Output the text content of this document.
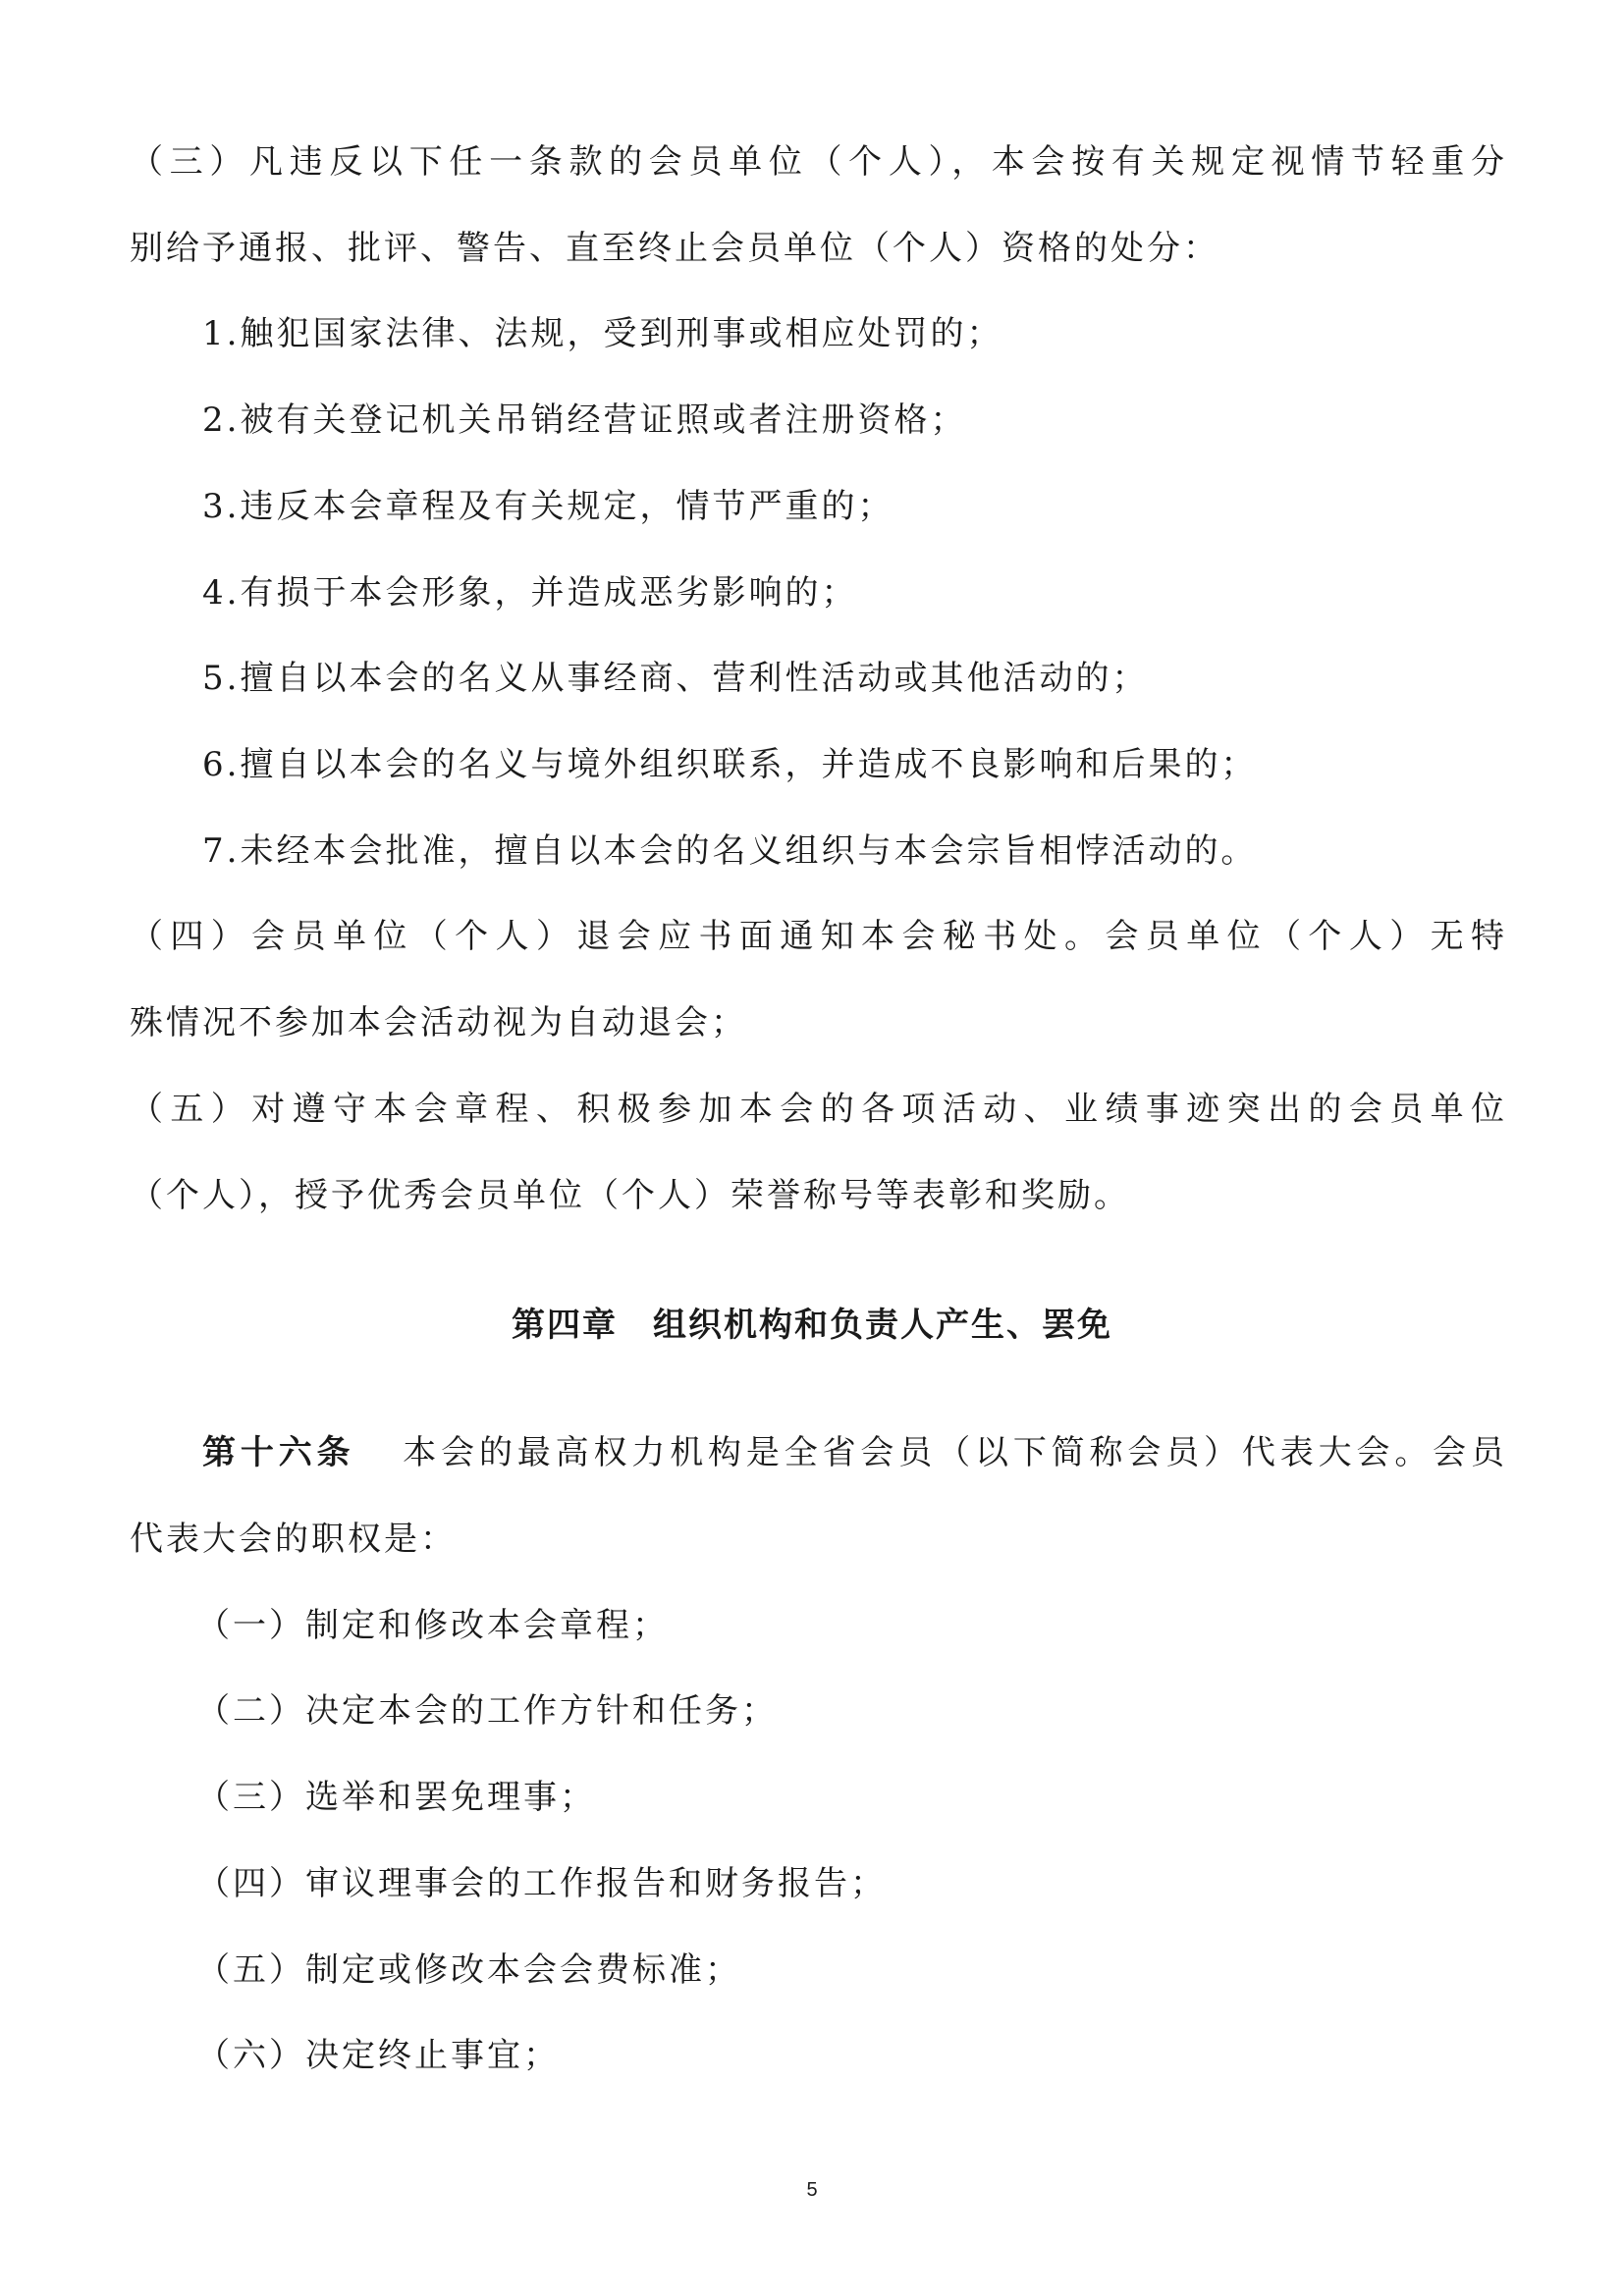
（三）凡违反以下任一条款的会员单位（个人），本会按有关规定视情节轻重分
别给予通报、批评、警告、直至终止会员单位（个人）资格的处分：
1.触犯国家法律、法规，受到刑事或相应处罚的；
2.被有关登记机关吊销经营证照或者注册资格；
3.违反本会章程及有关规定，情节严重的；
4.有损于本会形象，并造成恶劣影响的；
5.擅自以本会的名义从事经商、营利性活动或其他活动的；
6.擅自以本会的名义与境外组织联系，并造成不良影响和后果的；
7.未经本会批准，擅自以本会的名义组织与本会宗旨相悖活动的。
（四）会员单位（个人）退会应书面通知本会秘书处。会员单位（个人）无特
殊情况不参加本会活动视为自动退会；
（五）对遵守本会章程、积极参加本会的各项活动、业绩事迹突出的会员单位
（个人），授予优秀会员单位（个人）荣誉称号等表彰和奖励。
第四章　组织机构和负责人产生、罢免
第十六条 本会的最高权力机构是全省会员（以下简称会员）代表大会。会员
代表大会的职权是：
（一）制定和修改本会章程；
（二）决定本会的工作方针和任务；
（三）选举和罢免理事；
（四）审议理事会的工作报告和财务报告；
（五）制定或修改本会会费标准；
（六）决定终止事宜；
5
